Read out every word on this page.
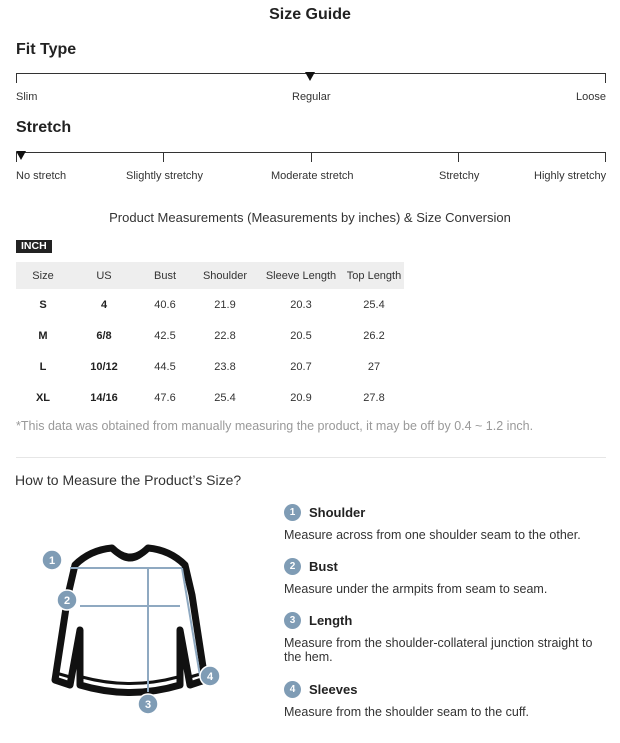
Size Guide
Fit Type
Slim	Regular	Loose
Stretch
No stretch	Slightly stretchy	Moderate stretch	Stretchy	Highly stretchy
Product Measurements (Measurements by inches) & Size Conversion
INCH
Size	US	Bust	Shoulder	Sleeve Length	Top Length
S	4	40.6	21.9	20.3	25.4
M	6/8	42.5	22.8	20.5	26.2
L	10/12	44.5	23.8	20.7	27
XL	14/16	47.6	25.4	20.9	27.8
*This data was obtained from manually measuring the product, it may be off by 0.4 ~ 1.2 inch.
How to Measure the Product’s Size?
1
2
3
4
1	Shoulder
Measure across from one shoulder seam to the other.
2	Bust
Measure under the armpits from seam to seam.
3	Length
Measure from the shoulder-collateral junction straight to the hem.
4	Sleeves
Measure from the shoulder seam to the cuff.
